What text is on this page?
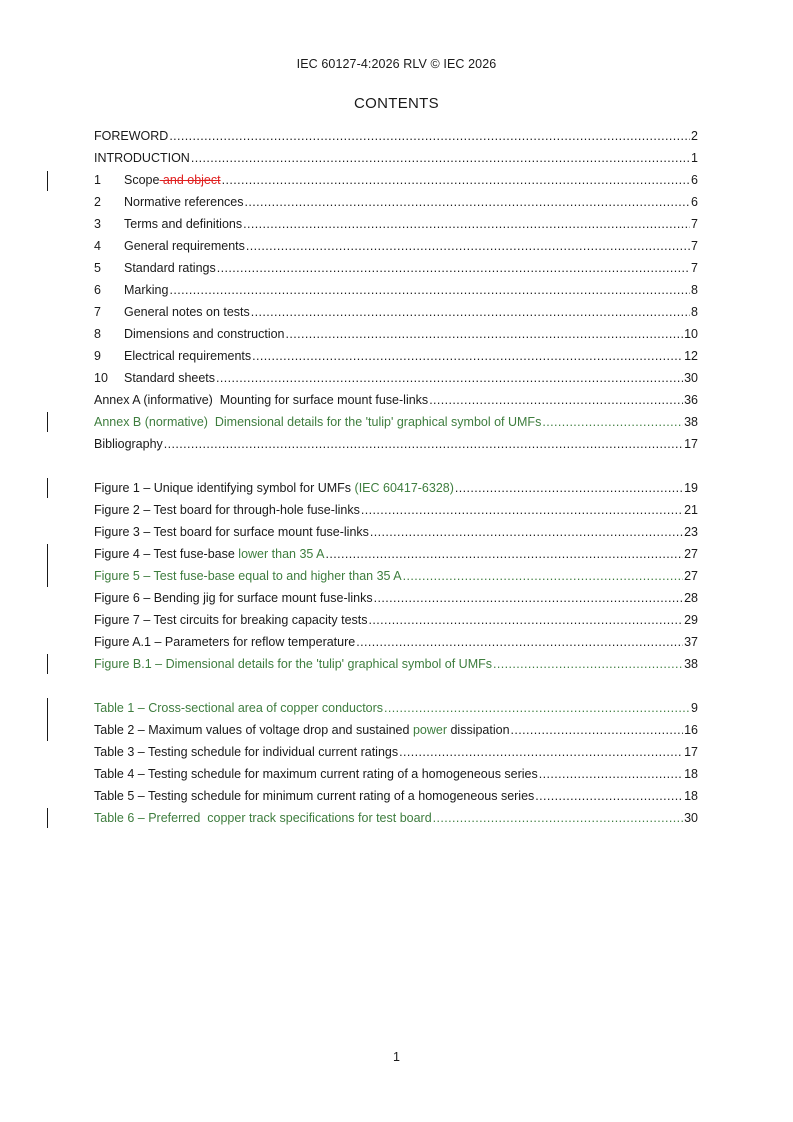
IEC 60127-4:2026 RLV © IEC 2026
CONTENTS
FOREWORD .....	2
INTRODUCTION .....	1
1 Scope and object .....	6
2 Normative references .....	6
3 Terms and definitions .....	7
4 General requirements .....	7
5 Standard ratings .....	7
6 Marking .....	8
7 General notes on tests .....	8
8 Dimensions and construction .....	10
9 Electrical requirements .....	12
10 Standard sheets .....	30
Annex A (informative)  Mounting for surface mount fuse-links .....	36
Annex B (normative)  Dimensional details for the 'tulip' graphical symbol of UMFs .....	38
Bibliography .....	17
Figure 1 – Unique identifying symbol for UMFs (IEC 60417-6328) .....	19
Figure 2 – Test board for through-hole fuse-links .....	21
Figure 3 – Test board for surface mount fuse-links .....	23
Figure 4 – Test fuse-base lower than 35 A .....	27
Figure 5 – Test fuse-base equal to and higher than 35 A .....	27
Figure 6 – Bending jig for surface mount fuse-links .....	28
Figure 7 – Test circuits for breaking capacity tests .....	29
Figure A.1 – Parameters for reflow temperature .....	37
Figure B.1 – Dimensional details for the 'tulip' graphical symbol of UMFs .....	38
Table 1 – Cross-sectional area of copper conductors .....	9
Table 2 – Maximum values of voltage drop and sustained power dissipation .....	16
Table 3 – Testing schedule for individual current ratings .....	17
Table 4 – Testing schedule for maximum current rating of a homogeneous series .....	18
Table 5 – Testing schedule for minimum current rating of a homogeneous series .....	18
Table 6 – Preferred  copper track specifications for test board .....	30
1
